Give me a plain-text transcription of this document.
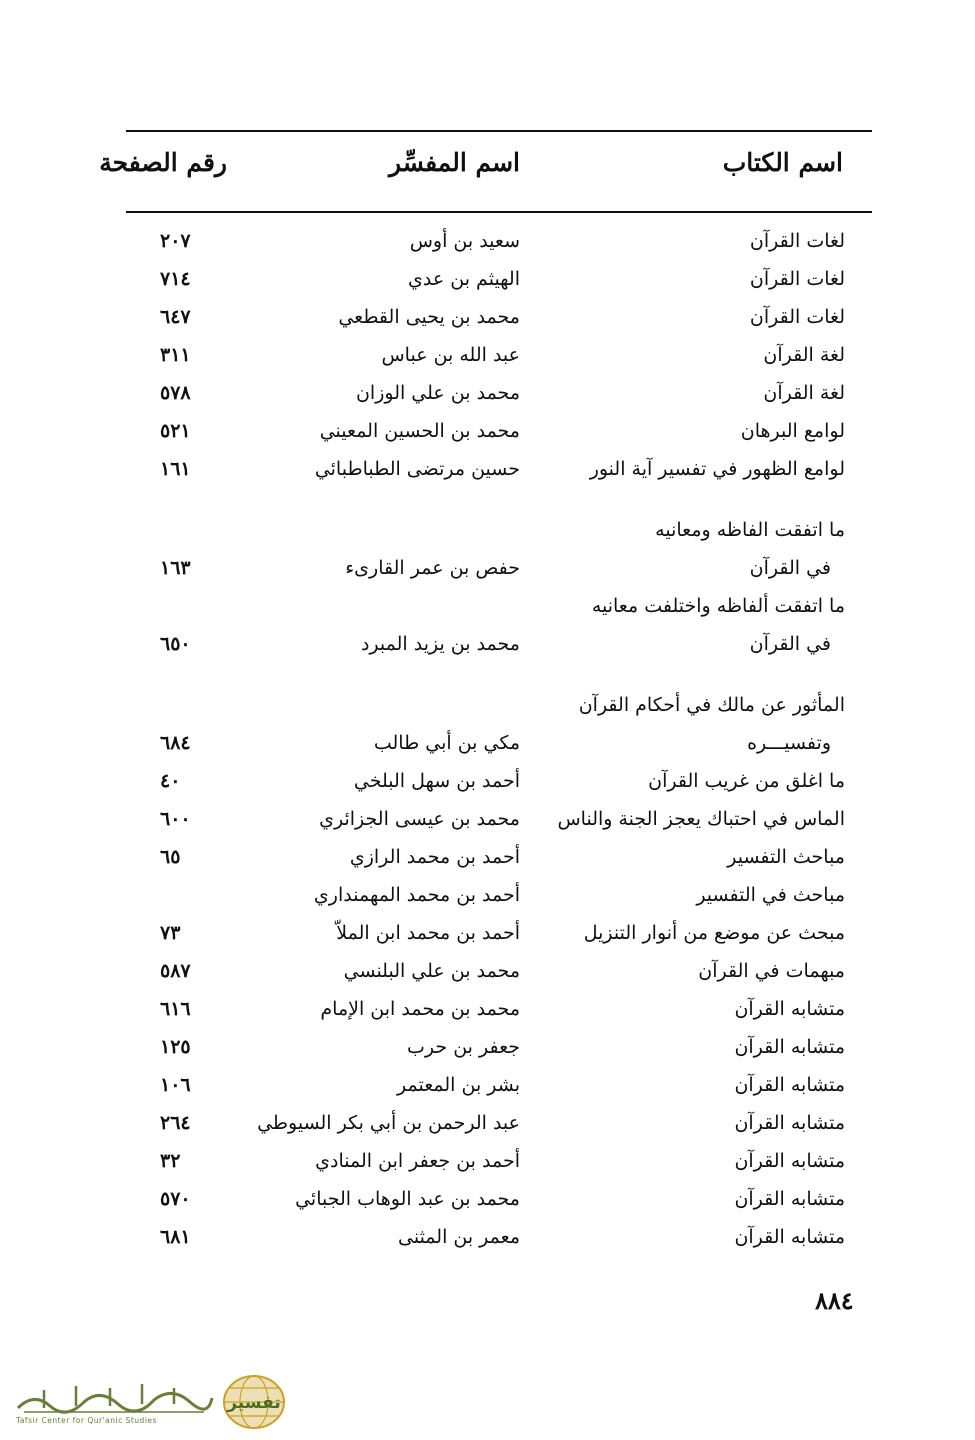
اسم الكتاب
اسم المفسِّر
رقم الصفحة
لغات القرآن
سعيد بن أوس
٢٠٧
لغات القرآن
الهيثم بن عدي
٧١٤
لغات القرآن
محمد بن يحيى القطعي
٦٤٧
لغة القرآن
عبد الله بن عباس
٣١١
لغة القرآن
محمد بن علي الوزان
٥٧٨
لوامع البرهان
محمد بن الحسين المعيني
٥٢١
لوامع الظهور في تفسير آية النور
حسين مرتضى الطباطبائي
١٦١
ما اتفقت الفاظه ومعانيه
في القرآن
حفص بن عمر القارىء
١٦٣
ما اتفقت ألفاظه واختلفت معانيه
في القرآن
محمد بن يزيد المبرد
٦٥٠
المأثور عن مالك في أحكام القرآن
وتفسيـــره
مكي بن أبي طالب
٦٨٤
ما اغلق من غريب القرآن
أحمد بن سهل البلخي
٤٠
الماس في احتباك يعجز الجنة والناس
محمد بن عيسى الجزائري
٦٠٠
مباحث التفسير
أحمد بن محمد الرازي
٦٥
مباحث في التفسير
أحمد بن محمد المهمنداري
مبحث عن موضع من أنوار التنزيل
أحمد بن محمد ابن الملاّ
٧٣
مبهمات في القرآن
محمد بن علي البلنسي
٥٨٧
متشابه القرآن
محمد بن محمد ابن الإمام
٦١٦
متشابه القرآن
جعفر بن حرب
١٢٥
متشابه القرآن
بشر بن المعتمر
١٠٦
متشابه القرآن
عبد الرحمن بن أبي بكر السيوطي
٢٦٤
متشابه القرآن
أحمد بن جعفر ابن المنادي
٣٢
متشابه القرآن
محمد بن عبد الوهاب الجبائي
٥٧٠
متشابه القرآن
معمر بن المثنى
٦٨١
٨٨٤
Tafsir Center for Qur'anic Studies
تفسير
